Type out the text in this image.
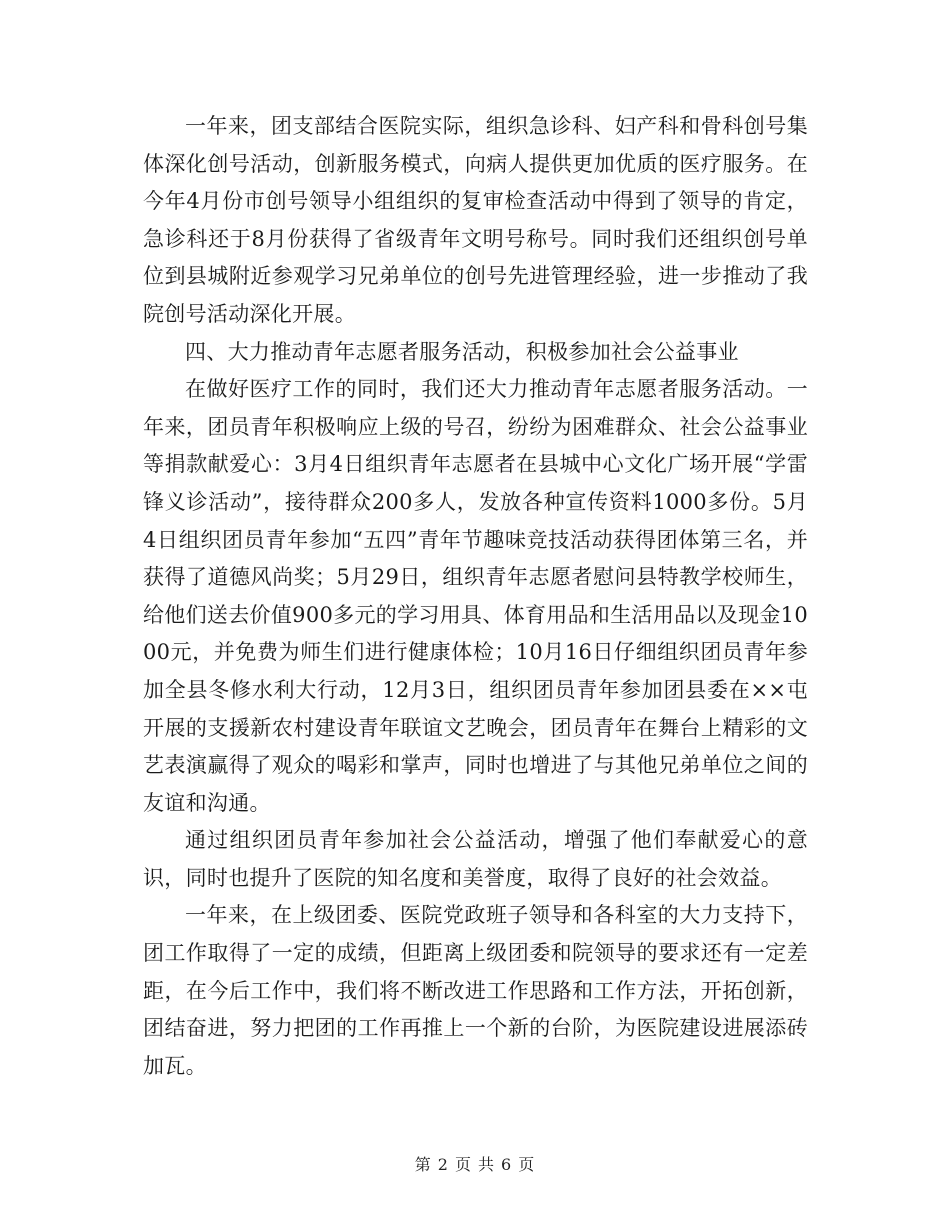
一年来，团支部结合医院实际，组织急诊科、妇产科和骨科创号集体深化创号活动，创新服务模式，向病人提供更加优质的医疗服务。在今年4月份市创号领导小组组织的复审检查活动中得到了领导的肯定，急诊科还于8月份获得了省级青年文明号称号。同时我们还组织创号单位到县城附近参观学习兄弟单位的创号先进管理经验，进一步推动了我院创号活动深化开展。

四、大力推动青年志愿者服务活动，积极参加社会公益事业

在做好医疗工作的同时，我们还大力推动青年志愿者服务活动。一年来，团员青年积极响应上级的号召，纷纷为困难群众、社会公益事业等捐款献爱心：3月4日组织青年志愿者在县城中心文化广场开展“学雷锋义诊活动”，接待群众200多人，发放各种宣传资料1000多份。5月4日组织团员青年参加“五四”青年节趣味竞技活动获得团体第三名，并获得了道德风尚奖；5月29日，组织青年志愿者慰问县特教学校师生，给他们送去价值900多元的学习用具、体育用品和生活用品以及现金1000元，并免费为师生们进行健康体检；10月16日仔细组织团员青年参加全县冬修水利大行动，12月3日，组织团员青年参加团县委在××屯开展的支援新农村建设青年联谊文艺晚会，团员青年在舞台上精彩的文艺表演赢得了观众的喝彩和掌声，同时也增进了与其他兄弟单位之间的友谊和沟通。

通过组织团员青年参加社会公益活动，增强了他们奉献爱心的意识，同时也提升了医院的知名度和美誉度，取得了良好的社会效益。

一年来，在上级团委、医院党政班子领导和各科室的大力支持下，团工作取得了一定的成绩，但距离上级团委和院领导的要求还有一定差距，在今后工作中，我们将不断改进工作思路和工作方法，开拓创新，团结奋进，努力把团的工作再推上一个新的台阶，为医院建设进展添砖加瓦。

第 2 页 共 6 页
